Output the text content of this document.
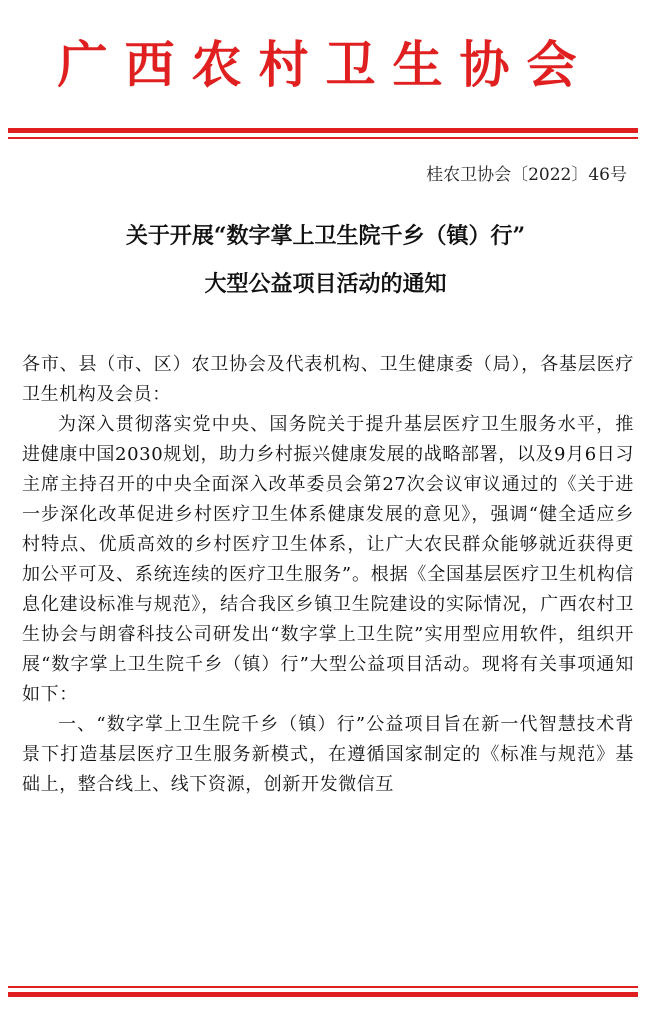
广西农村卫生协会
桂农卫协会〔2022〕46号
关于开展“数字掌上卫生院千乡（镇）行”
大型公益项目活动的通知

各市、县（市、区）农卫协会及代表机构、卫生健康委（局），各基层医疗卫生机构及会员：

为深入贯彻落实党中央、国务院关于提升基层医疗卫生服务水平，推进健康中国2030规划，助力乡村振兴健康发展的战略部署，以及9月6日习主席主持召开的中央全面深入改革委员会第27次会议审议通过的《关于进一步深化改革促进乡村医疗卫生体系健康发展的意见》，强调“健全适应乡村特点、优质高效的乡村医疗卫生体系，让广大农民群众能够就近获得更加公平可及、系统连续的医疗卫生服务”。根据《全国基层医疗卫生机构信息化建设标准与规范》，结合我区乡镇卫生院建设的实际情况，广西农村卫生协会与朗睿科技公司研发出“数字掌上卫生院”实用型应用软件，组织开展“数字掌上卫生院千乡（镇）行”大型公益项目活动。现将有关事项通知如下：

一、“数字掌上卫生院千乡（镇）行”公益项目旨在新一代智慧技术背景下打造基层医疗卫生服务新模式，在遵循国家制定的《标准与规范》基础上，整合线上、线下资源，创新开发微信互
